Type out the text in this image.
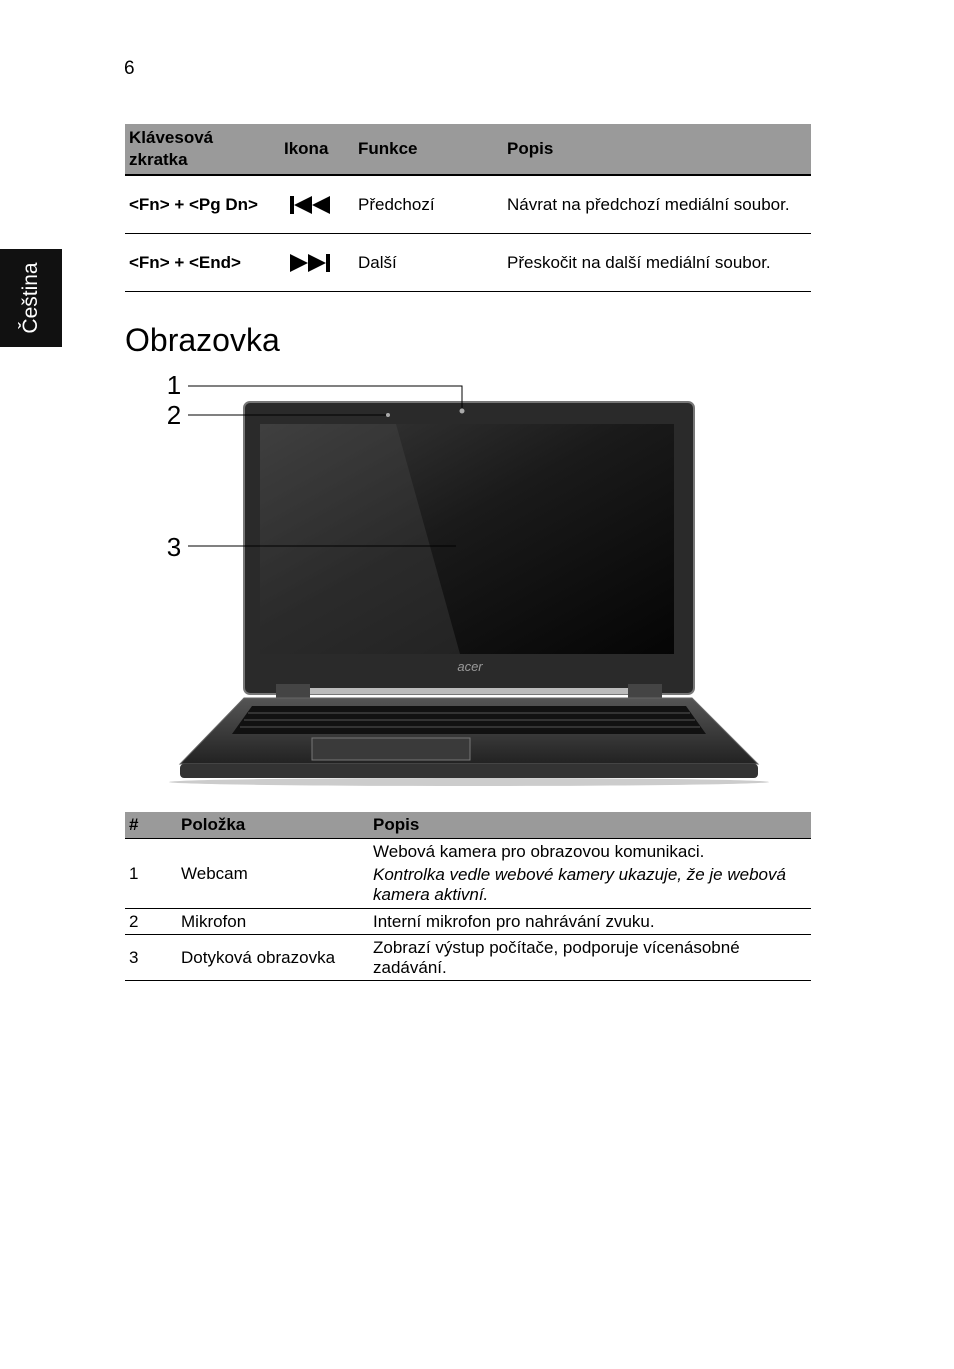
6
Čeština
Klávesová zkratka	Ikona	Funkce	Popis
<Fn> + <Pg Dn>		Předchozí	Návrat na předchozí mediální soubor.
<Fn> + <End>		Další	Přeskočit na další mediální soubor.
Obrazovka
acer
1
2
3
#	Položka	Popis
1	Webcam	Webová kamera pro obrazovou komunikaci.

Kontrolka vedle webové kamery ukazuje, že je webová kamera aktivní.

2	Mikrofon	Interní mikrofon pro nahrávání zvuku.
3	Dotyková obrazovka	Zobrazí výstup počítače, podporuje vícenásobné zadávání.
